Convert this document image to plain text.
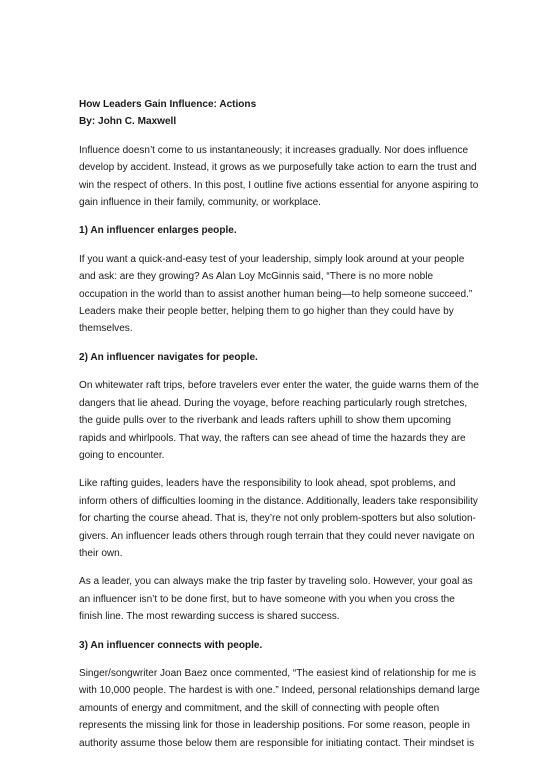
How Leaders Gain Influence: Actions
By: John C. Maxwell

Influence doesn’t come to us instantaneously; it increases gradually. Nor does influence develop by accident. Instead, it grows as we purposefully take action to earn the trust and win the respect of others. In this post, I outline five actions essential for anyone aspiring to gain influence in their family, community, or workplace.

1) An influencer enlarges people.

If you want a quick-and-easy test of your leadership, simply look around at your people and ask: are they growing? As Alan Loy McGinnis said, “There is no more noble occupation in the world than to assist another human being—to help someone succeed.” Leaders make their people better, helping them to go higher than they could have by themselves.

2) An influencer navigates for people.

On whitewater raft trips, before travelers ever enter the water, the guide warns them of the dangers that lie ahead. During the voyage, before reaching particularly rough stretches, the guide pulls over to the riverbank and leads rafters uphill to show them upcoming rapids and whirlpools. That way, the rafters can see ahead of time the hazards they are going to encounter.

Like rafting guides, leaders have the responsibility to look ahead, spot problems, and inform others of difficulties looming in the distance. Additionally, leaders take responsibility for charting the course ahead. That is, they’re not only problem-spotters but also solution-givers. An influencer leads others through rough terrain that they could never navigate on their own.

As a leader, you can always make the trip faster by traveling solo. However, your goal as an influencer isn’t to be done first, but to have someone with you when you cross the finish line. The most rewarding success is shared success.

3) An influencer connects with people.

Singer/songwriter Joan Baez once commented, “The easiest kind of relationship for me is with 10,000 people. The hardest is with one.” Indeed, personal relationships demand large amounts of energy and commitment, and the skill of connecting with people often represents the missing link for those in leadership positions. For some reason, people in authority assume those below them are responsible for initiating contact. Their mindset is
